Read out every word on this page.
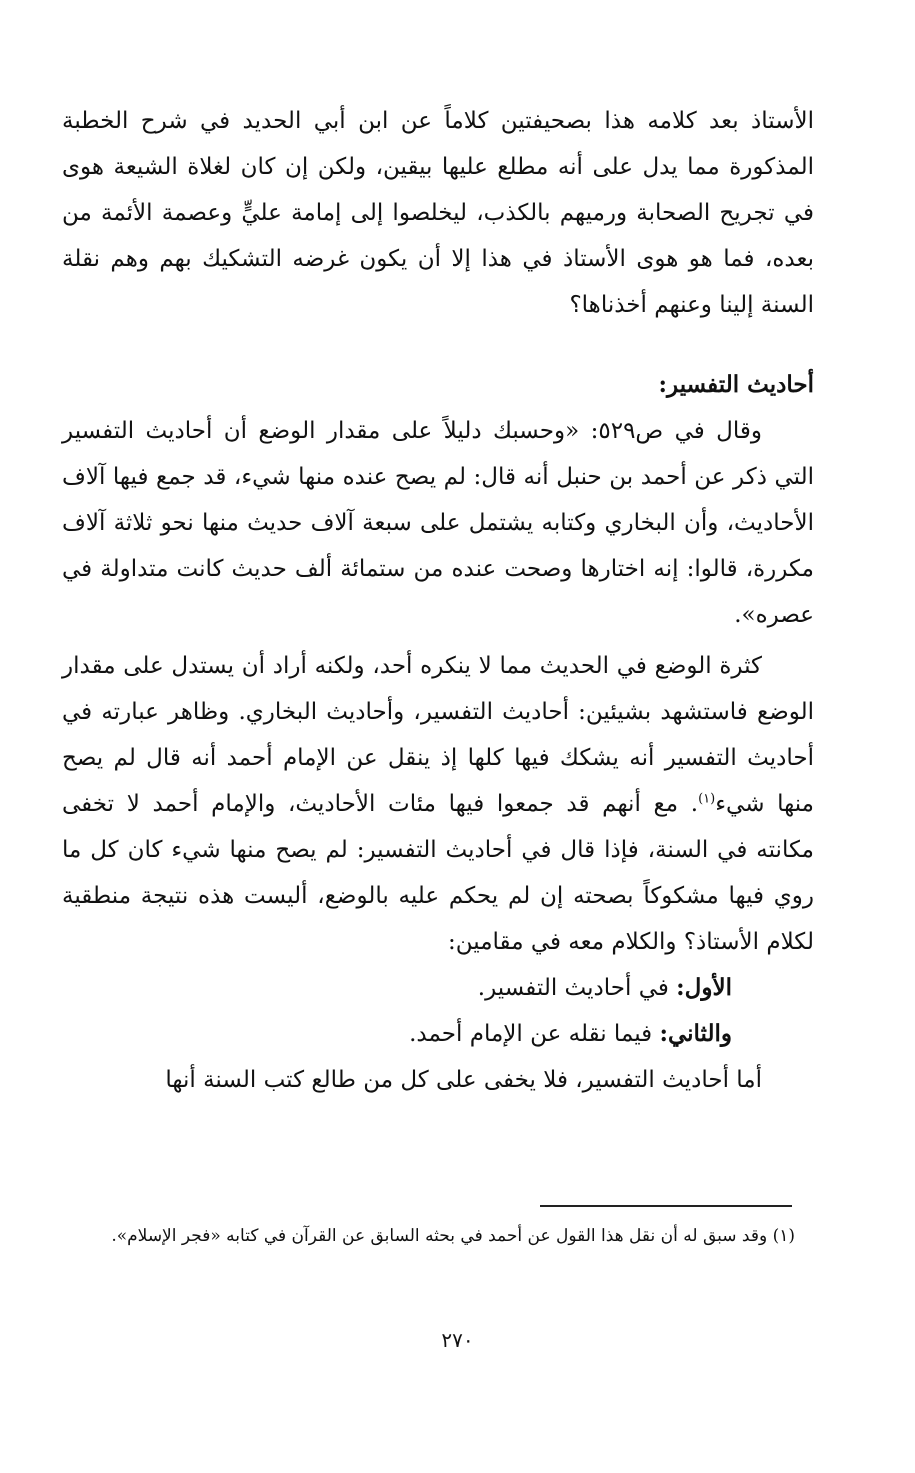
الأستاذ بعد كلامه هذا بصحيفتين كلاماً عن ابن أبي الحديد في شرح الخطبة المذكورة مما يدل على أنه مطلع عليها بيقين، ولكن إن كان لغلاة الشيعة هوى في تجريح الصحابة ورميهم بالكذب، ليخلصوا إلى إمامة عليٍّ وعصمة الأئمة من بعده، فما هو هوى الأستاذ في هذا إلا أن يكون غرضه التشكيك بهم وهم نقلة السنة إلينا وعنهم أخذناها؟

أحاديث التفسير:

وقال في ص٥٢٩: «وحسبك دليلاً على مقدار الوضع أن أحاديث التفسير التي ذكر عن أحمد بن حنبل أنه قال: لم يصح عنده منها شيء، قد جمع فيها آلاف الأحاديث، وأن البخاري وكتابه يشتمل على سبعة آلاف حديث منها نحو ثلاثة آلاف مكررة، قالوا: إنه اختارها وصحت عنده من ستمائة ألف حديث كانت متداولة في عصره».

كثرة الوضع في الحديث مما لا ينكره أحد، ولكنه أراد أن يستدل على مقدار الوضع فاستشهد بشيئين: أحاديث التفسير، وأحاديث البخاري. وظاهر عبارته في أحاديث التفسير أنه يشكك فيها كلها إذ ينقل عن الإمام أحمد أنه قال لم يصح منها شيء$^{(١)}$. مع أنهم قد جمعوا فيها مئات الأحاديث، والإمام أحمد لا تخفى مكانته في السنة، فإذا قال في أحاديث التفسير: لم يصح منها شيء كان كل ما روي فيها مشكوكاً بصحته إن لم يحكم عليه بالوضع، أليست هذه نتيجة منطقية لكلام الأستاذ؟ والكلام معه في مقامين:

الأول: في أحاديث التفسير.

والثاني: فيما نقله عن الإمام أحمد.

أما أحاديث التفسير، فلا يخفى على كل من طالع كتب السنة أنها

(١) وقد سبق له أن نقل هذا القول عن أحمد في بحثه السابق عن القرآن في كتابه «فجر الإسلام».
٢٧٠
